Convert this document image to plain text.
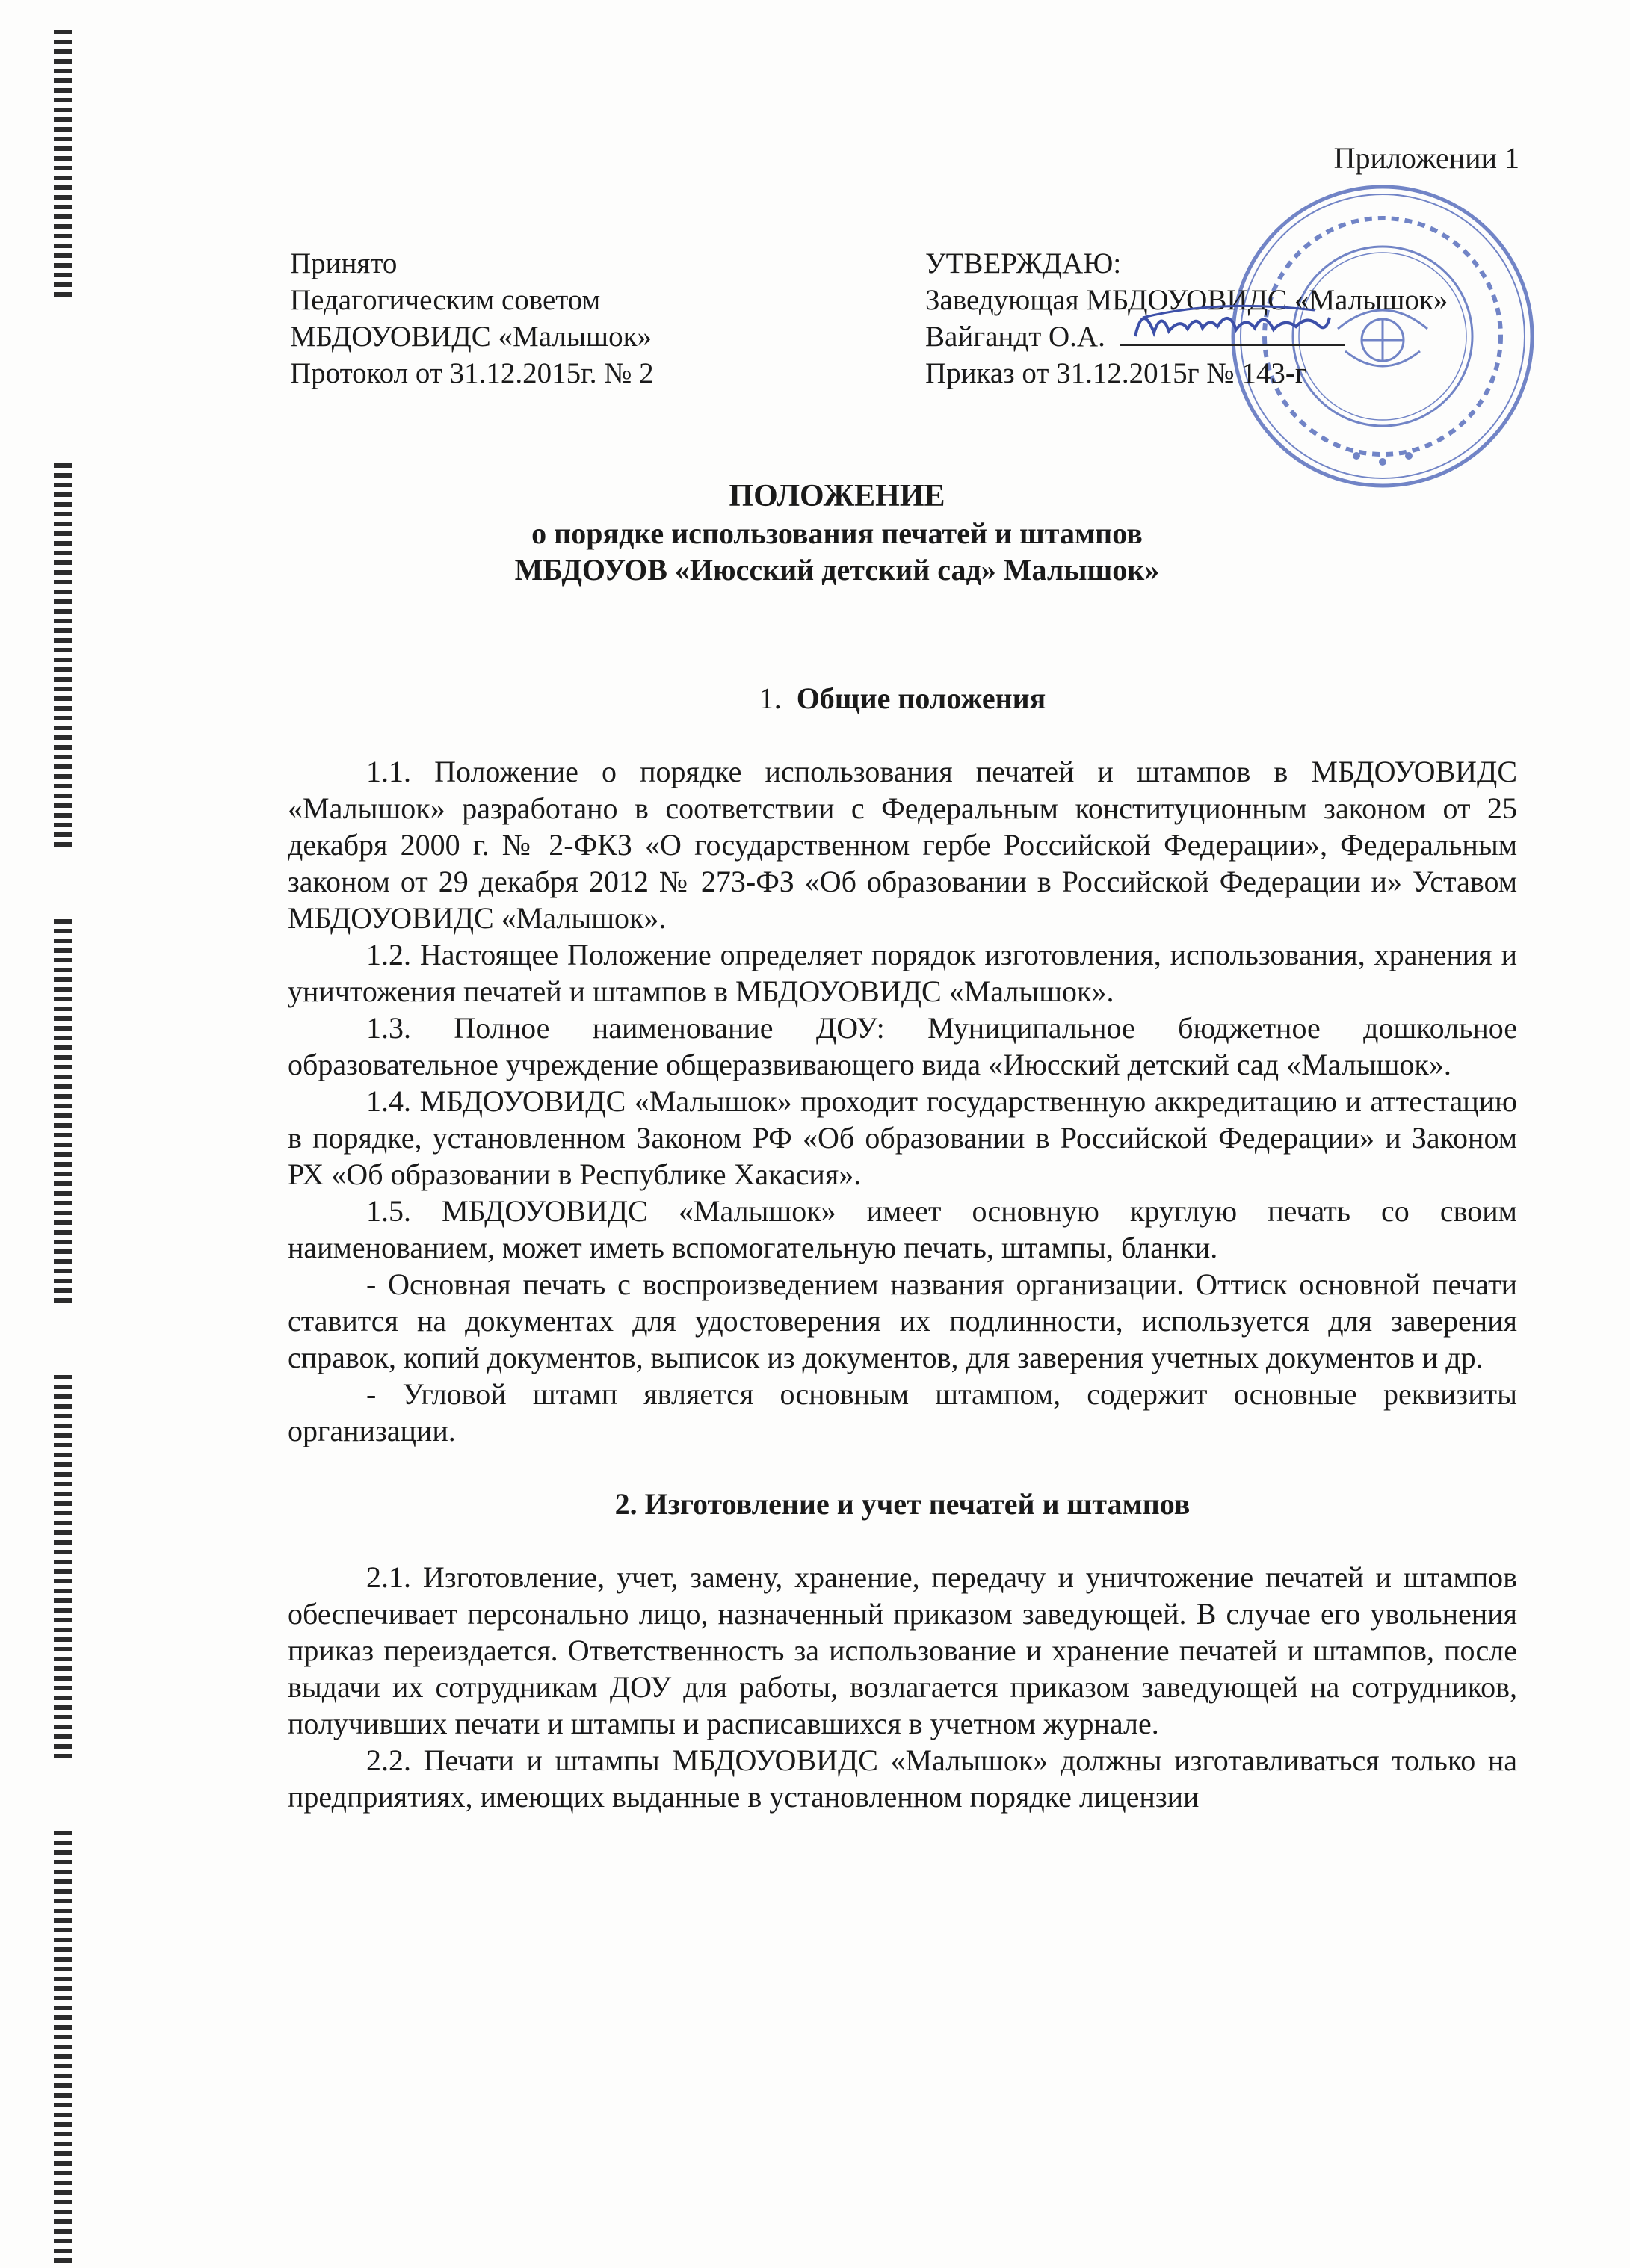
Приложении 1
Принято
Педагогическим советом
МБДОУОВИДС «Малышок»
Протокол от 31.12.2015г. № 2
УТВЕРЖДАЮ:
Заведующая МБДОУОВИДС «Малышок»
Вайгандт О.А.
Приказ от 31.12.2015г № 143-г
ПОЛОЖЕНИЕ
о порядке использования печатей и штампов
МБДОУОВ «Июсский детский сад» Малышок»
1. Общие положения

1.1. Положение о порядке использования печатей и штампов в МБДОУОВИДС «Малышок» разработано в соответствии с Федеральным конституционным законом от 25 декабря 2000 г. № 2-ФКЗ «О государственном гербе Российской Федерации», Федеральным законом от 29 декабря 2012 № 273-ФЗ «Об образовании в Российской Федерации и» Уставом МБДОУОВИДС «Малышок».

1.2. Настоящее Положение определяет порядок изготовления, использования, хранения и уничтожения печатей и штампов в МБДОУОВИДС «Малышок».

1.3. Полное наименование ДОУ: Муниципальное бюджетное дошкольное образовательное учреждение общеразвивающего вида «Июсский детский сад «Малышок».

1.4. МБДОУОВИДС «Малышок» проходит государственную аккредитацию и аттестацию в порядке, установленном Законом РФ «Об образовании в Российской Федерации» и Законом РХ «Об образовании в Республике Хакасия».

1.5. МБДОУОВИДС «Малышок» имеет основную круглую печать со своим наименованием, может иметь вспомогательную печать, штампы, бланки.

- Основная печать с воспроизведением названия организации. Оттиск основной печати ставится на документах для удостоверения их подлинности, используется для заверения справок, копий документов, выписок из документов, для заверения учетных документов и др.

- Угловой штамп является основным штампом, содержит основные реквизиты организации.

2. Изготовление и учет печатей и штампов

2.1. Изготовление, учет, замену, хранение, передачу и уничтожение печатей и штампов обеспечивает персонально лицо, назначенный приказом заведующей. В случае его увольнения приказ переиздается. Ответственность за использование и хранение печатей и штампов, после выдачи их сотрудникам ДОУ для работы, возлагается приказом заведующей на сотрудников, получивших печати и штампы и расписавшихся в учетном журнале.

2.2. Печати и штампы МБДОУОВИДС «Малышок» должны изготавливаться только на предприятиях, имеющих выданные в установленном порядке лицензии
